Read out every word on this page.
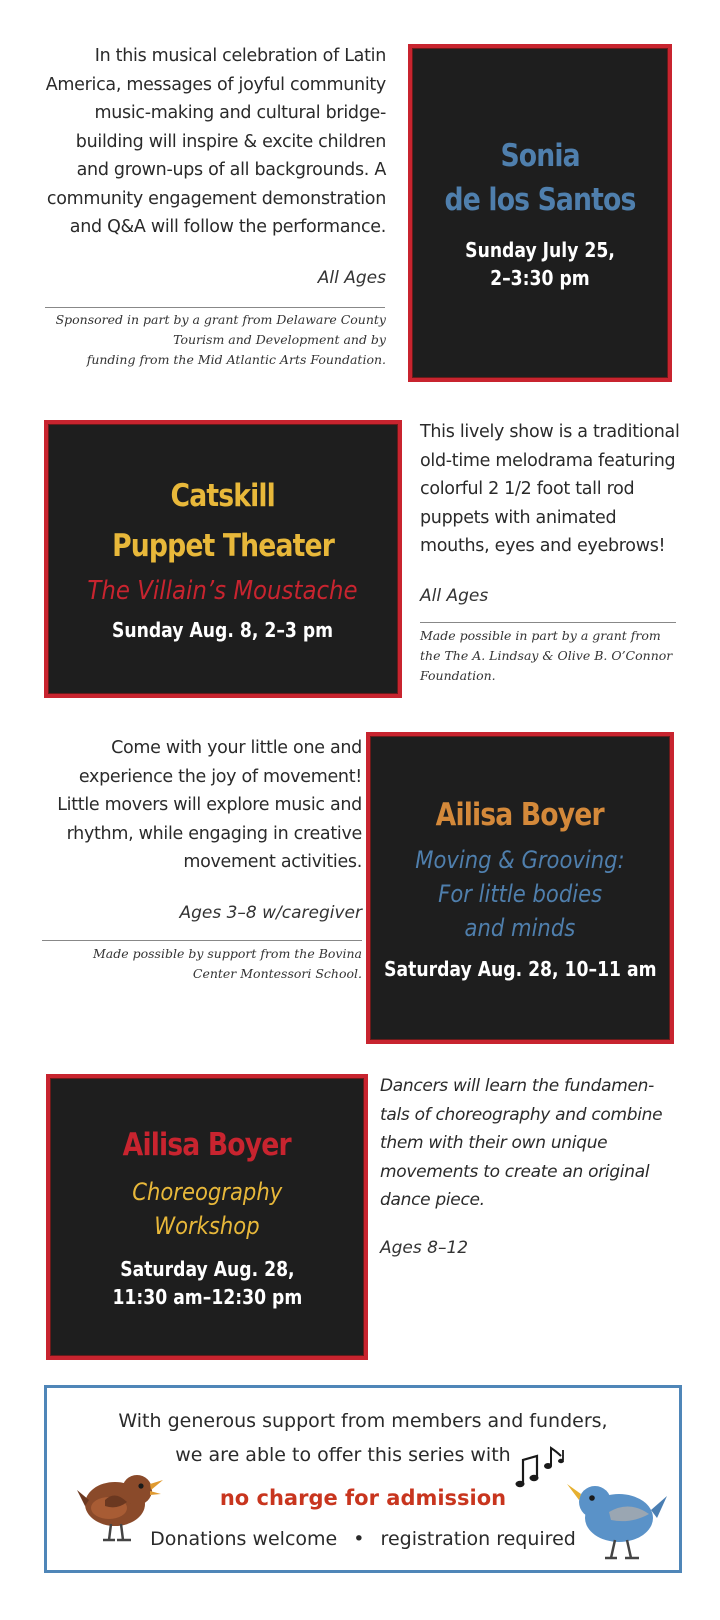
In this musical celebration of Latin
America, messages of joyful community
music-making and cultural bridge-
building will inspire & excite children
and grown-ups of all backgrounds. A
community engagement demonstration
and Q&A will follow the performance.
All Ages
Sponsored in part by a grant from Delaware County
Tourism and Development and by
funding from the Mid Atlantic Arts Foundation.
Sonia
de los Santos
Sunday July 25,
2–3:30 pm
Catskill
Puppet Theater
The Villain’s Moustache
Sunday Aug. 8, 2–3 pm
This lively show is a traditional
old-time melodrama featuring
colorful 2 1/2 foot tall rod
puppets with animated
mouths, eyes and eyebrows!
All Ages
Made possible in part by a grant from
the The A. Lindsay & Olive B. O’Connor
Foundation.
Come with your little one and
experience the joy of movement!
Little movers will explore music and
rhythm, while engaging in creative
movement activities.
Ages 3–8 w/caregiver
Made possible by support from the Bovina
Center Montessori School.
Ailisa Boyer
Moving & Grooving:
For little bodies
and minds
Saturday Aug. 28, 10–11 am
Ailisa Boyer
Choreography
Workshop
Saturday Aug. 28,
11:30 am–12:30 pm
Dancers will learn the fundamen-
tals of choreography and combine
them with their own unique
movements to create an original
dance piece.
Ages 8–12
With generous support from members and funders,
we are able to offer this series with
no charge for admission
Donations welcome • registration required
